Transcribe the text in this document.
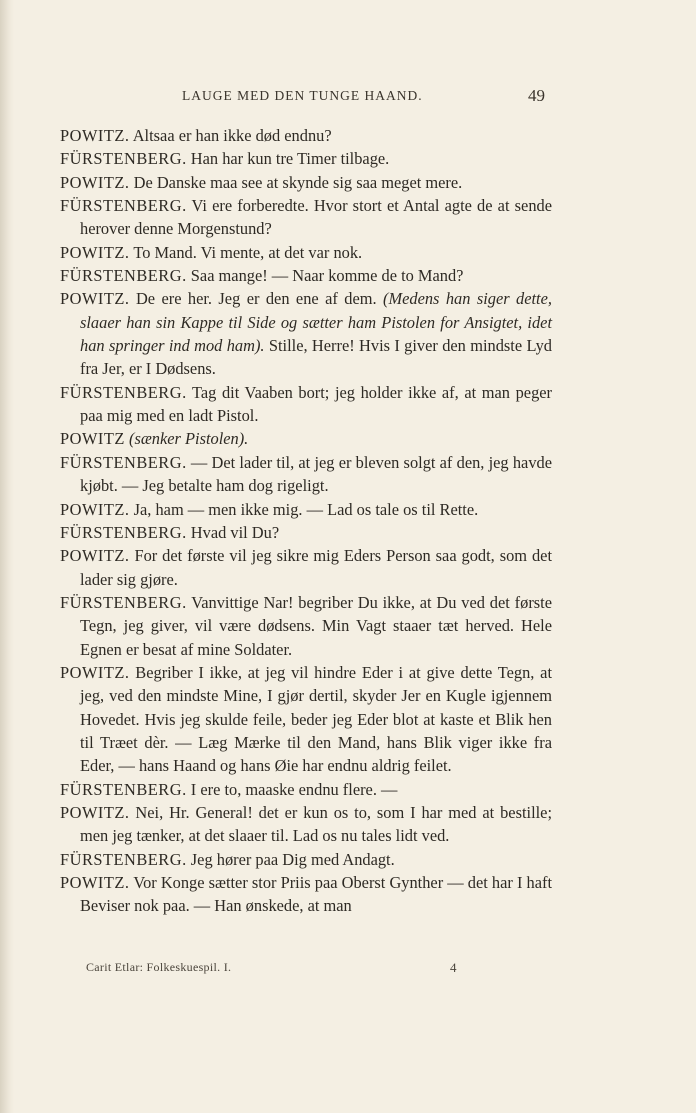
LAUGE MED DEN TUNGE HAAND.	49

POWITZ. Altsaa er han ikke død endnu?

FÜRSTENBERG. Han har kun tre Timer tilbage.

POWITZ. De Danske maa see at skynde sig saa meget mere.

FÜRSTENBERG. Vi ere forberedte. Hvor stort et Antal agte de at sende herover denne Morgenstund?

POWITZ. To Mand. Vi mente, at det var nok.

FÜRSTENBERG. Saa mange! — Naar komme de to Mand?

POWITZ. De ere her. Jeg er den ene af dem. (Medens han siger dette, slaaer han sin Kappe til Side og sætter ham Pistolen for Ansigtet, idet han springer ind mod ham). Stille, Herre! Hvis I giver den mindste Lyd fra Jer, er I Dødsens.

FÜRSTENBERG. Tag dit Vaaben bort; jeg holder ikke af, at man peger paa mig med en ladt Pistol.

POWITZ (sænker Pistolen).

FÜRSTENBERG. — Det lader til, at jeg er bleven solgt af den, jeg havde kjøbt. — Jeg betalte ham dog rigeligt.

POWITZ. Ja, ham — men ikke mig. — Lad os tale os til Rette.

FÜRSTENBERG. Hvad vil Du?

POWITZ. For det første vil jeg sikre mig Eders Person saa godt, som det lader sig gjøre.

FÜRSTENBERG. Vanvittige Nar! begriber Du ikke, at Du ved det første Tegn, jeg giver, vil være dødsens. Min Vagt staaer tæt herved. Hele Egnen er besat af mine Soldater.

POWITZ. Begriber I ikke, at jeg vil hindre Eder i at give dette Tegn, at jeg, ved den mindste Mine, I gjør dertil, skyder Jer en Kugle igjennem Hovedet. Hvis jeg skulde feile, beder jeg Eder blot at kaste et Blik hen til Træet dèr. — Læg Mærke til den Mand, hans Blik viger ikke fra Eder, — hans Haand og hans Øie har endnu aldrig feilet.

FÜRSTENBERG. I ere to, maaske endnu flere. —

POWITZ. Nei, Hr. General! det er kun os to, som I har med at bestille; men jeg tænker, at det slaaer til. Lad os nu tales lidt ved.

FÜRSTENBERG. Jeg hører paa Dig med Andagt.

POWITZ. Vor Konge sætter stor Priis paa Oberst Gynther — det har I haft Beviser nok paa. — Han ønskede, at man

Carit Etlar: Folkeskuespil. I.	4
